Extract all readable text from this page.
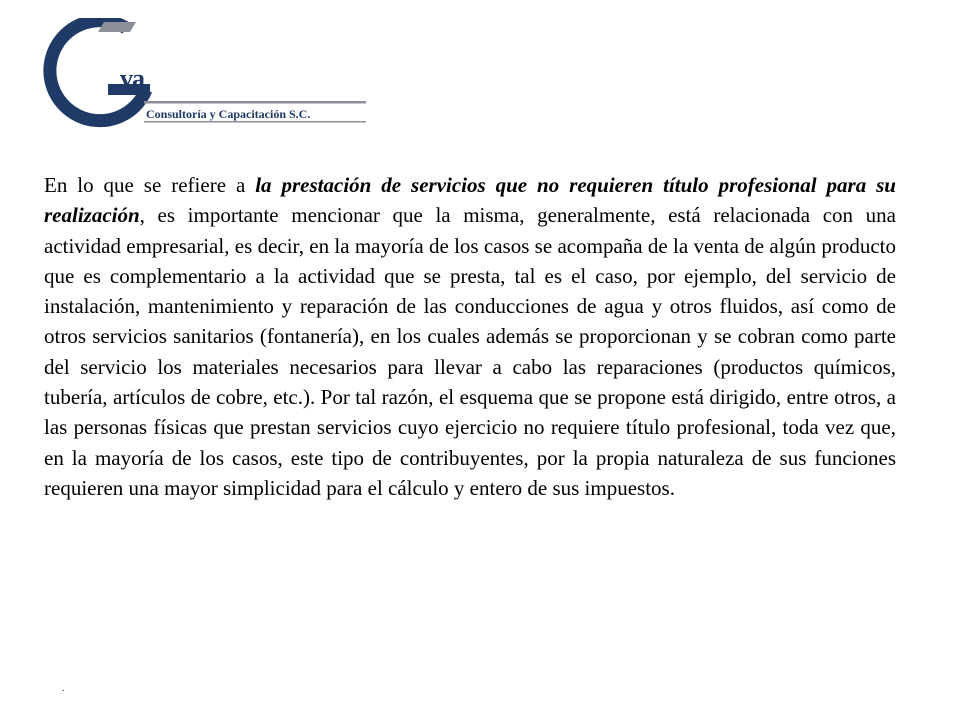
va
Consultoría y Capacitación S.C.

En lo que se refiere a la prestación de servicios que no requieren título profesional para su realización, es importante mencionar que la misma, generalmente, está relacionada con una actividad empresarial, es decir, en la mayoría de los casos se acompaña de la venta de algún producto que es complementario a la actividad que se presta, tal es el caso, por ejemplo, del servicio de instalación, mantenimiento y reparación de las conducciones de agua y otros fluidos, así como de otros servicios sanitarios (fontanería), en los cuales además se proporcionan y se cobran como parte del servicio los materiales necesarios para llevar a cabo las reparaciones (productos químicos, tubería, artículos de cobre, etc.). Por tal razón, el esquema que se propone está dirigido, entre otros, a las personas físicas que prestan servicios cuyo ejercicio no requiere título profesional, toda vez que, en la mayoría de los casos, este tipo de contribuyentes, por la propia naturaleza de sus funciones requieren una mayor simplicidad para el cálculo y entero de sus impuestos.

.
